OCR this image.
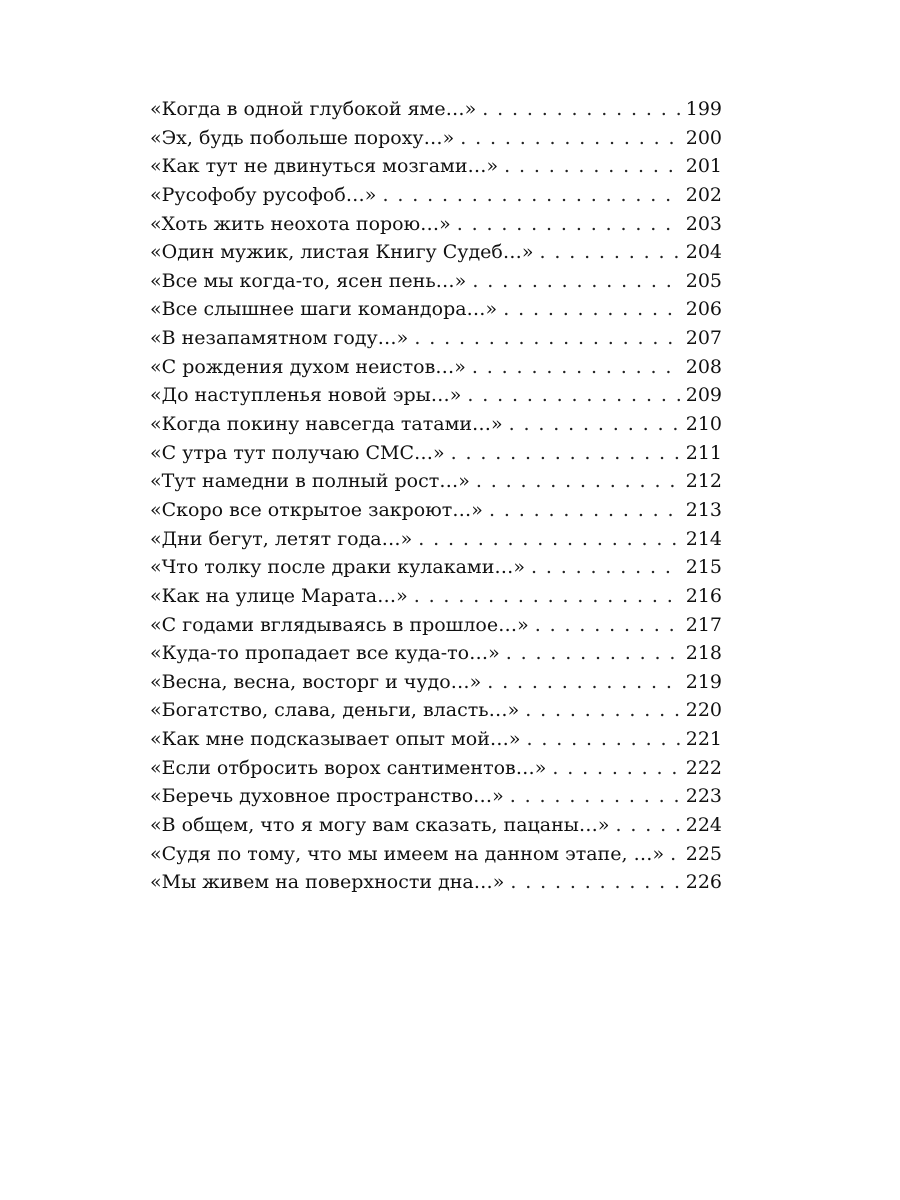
«Когда в одной глубокой яме…» . . .	199
«Эх, будь побольше пороху…» . . .	200
«Как тут не двинуться мозгами…» . . .	201
«Русофобу русофоб…» . . .	202
«Хоть жить неохота порою…» . . .	203
«Один мужик, листая Книгу Судеб…» . . .	204
«Все мы когда-то, ясен пень…» . . .	205
«Все слышнее шаги командора…» . . .	206
«В незапамятном году…» . . .	207
«С рождения духом неистов…» . . .	208
«До наступленья новой эры…» . . .	209
«Когда покину навсегда татами…» . . .	210
«С утра тут получаю СМС…» . . .	211
«Тут намедни в полный рост…» . . .	212
«Скоро все открытое закроют…» . . .	213
«Дни бегут, летят года…» . . .	214
«Что толку после драки кулаками…» . . .	215
«Как на улице Марата…» . . .	216
«С годами вглядываясь в прошлое…» . . .	217
«Куда-то пропадает все куда-то…» . . .	218
«Весна, весна, восторг и чудо…» . . .	219
«Богатство, слава, деньги, власть…» . . .	220
«Как мне подсказывает опыт мой…» . . .	221
«Если отбросить ворох сантиментов…» . . .	222
«Беречь духовное пространство…» . . .	223
«В общем, что я могу вам сказать, пацаны…» . . .	224
«Судя по тому, что мы имеем на данном этапе, …» . . .	225
«Мы живем на поверхности дна…» . . .	226
